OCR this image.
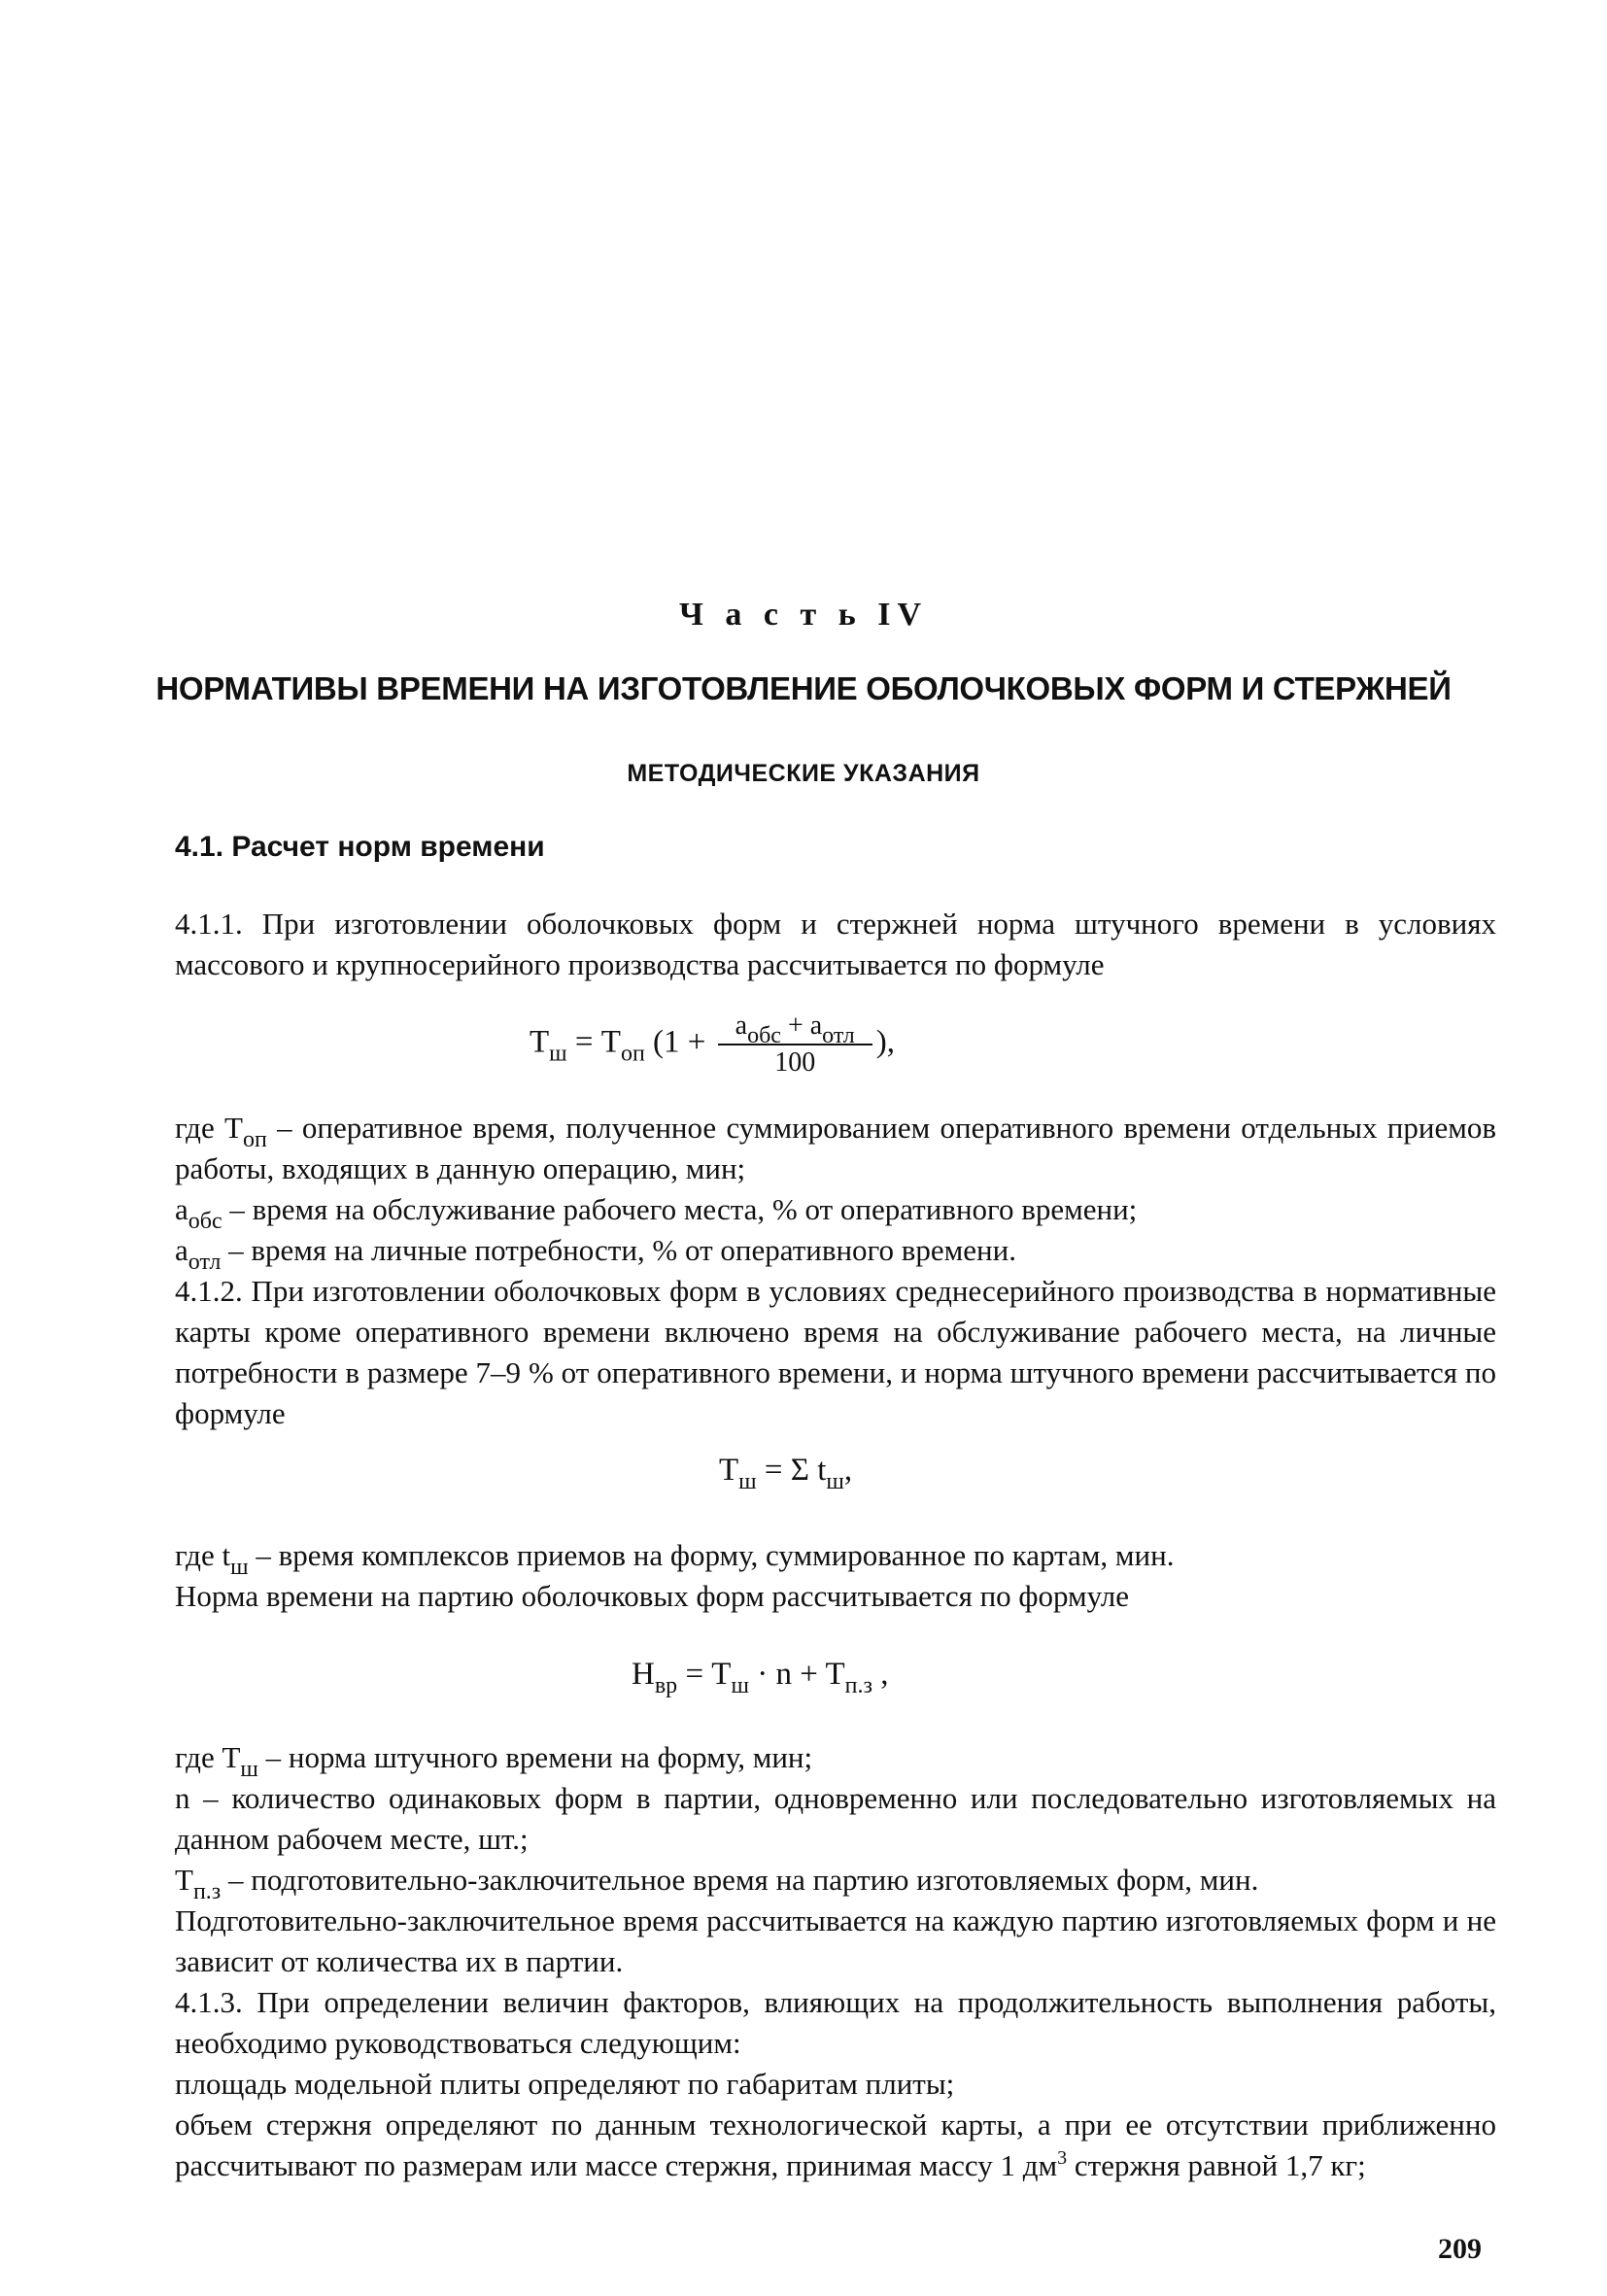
Ч а с т ь IV
НОРМАТИВЫ ВРЕМЕНИ НА ИЗГОТОВЛЕНИЕ ОБОЛОЧКОВЫХ ФОРМ И СТЕРЖНЕЙ
МЕТОДИЧЕСКИЕ УКАЗАНИЯ
4.1. Расчет норм времени
4.1.1. При изготовлении оболочковых форм и стержней норма штучного времени в условиях массового и крупносерийного производства рассчитывается по формуле
$T_ш = T_{оп}$ ($1 + \frac{a_{обс} + a_{отл}}{100}$ ),
где $T_{оп}$ – оперативное время, полученное суммированием оперативного времени отдельных приемов работы, входящих в данную операцию, мин;
$a_{обс}$ – время на обслуживание рабочего места, % от оперативного времени;
$a_{отл}$ – время на личные потребности, % от оперативного времени.
4.1.2. При изготовлении оболочковых форм в условиях среднесерийного производства в нормативные карты кроме оперативного времени включено время на обслуживание рабочего места, на личные потребности в размере 7–9 % от оперативного времени, и норма штучного времени рассчитывается по формуле
$T_ш = \Sigma$ $t_ш$,
где $t_ш$ – время комплексов приемов на форму, суммированное по картам, мин.
Норма времени на партию оболочковых форм рассчитывается по формуле
$H_{вр} = T_ш \cdot n + T_{п.з}$ ,
где $T_ш$ – норма штучного времени на форму, мин;
n – количество одинаковых форм в партии, одновременно или последовательно изготовляемых на данном рабочем месте, шт.;
$T_{п.з}$ – подготовительно-заключительное время на партию изготовляемых форм, мин.
Подготовительно-заключительное время рассчитывается на каждую партию изготовляемых форм и не зависит от количества их в партии.
4.1.3. При определении величин факторов, влияющих на продолжительность выполнения работы, необходимо руководствоваться следующим:
площадь модельной плиты определяют по габаритам плиты;
объем стержня определяют по данным технологической карты, а при ее отсутствии приближенно рассчитывают по размерам или массе стержня, принимая массу 1 $дм^3$ стержня равной 1,7 кг;
209
